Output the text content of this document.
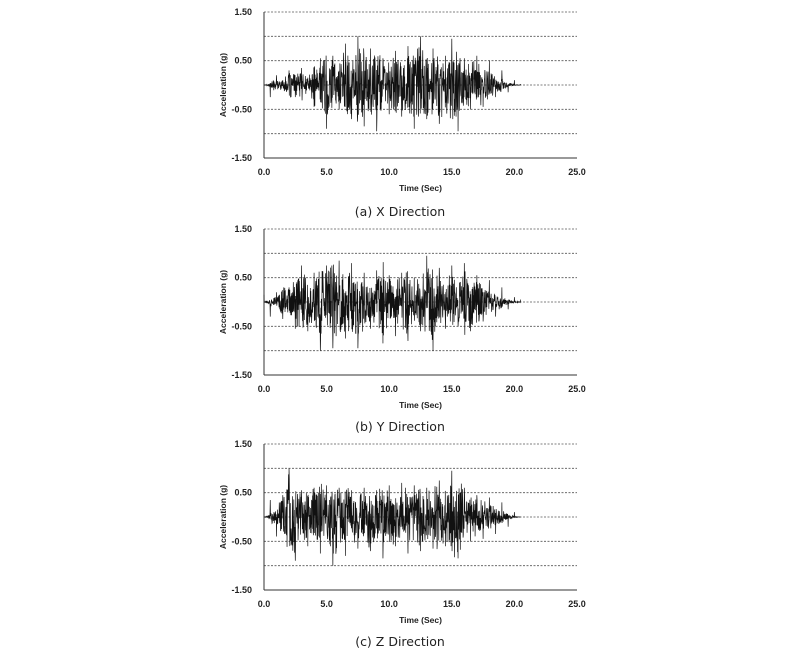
1.50
0.50
-0.50
-1.50
0.0	5.0	10.0	15.0	20.0	25.0
Time (Sec)
Acceleration (g)
(a) X Direction
1.50
0.50
-0.50
-1.50
0.0	5.0	10.0	15.0	20.0	25.0
Time (Sec)
Acceleration (g)
(b) Y Direction
1.50
0.50
-0.50
-1.50
0.0	5.0	10.0	15.0	20.0	25.0
Time (Sec)
Acceleration (g)
(c) Z Direction
